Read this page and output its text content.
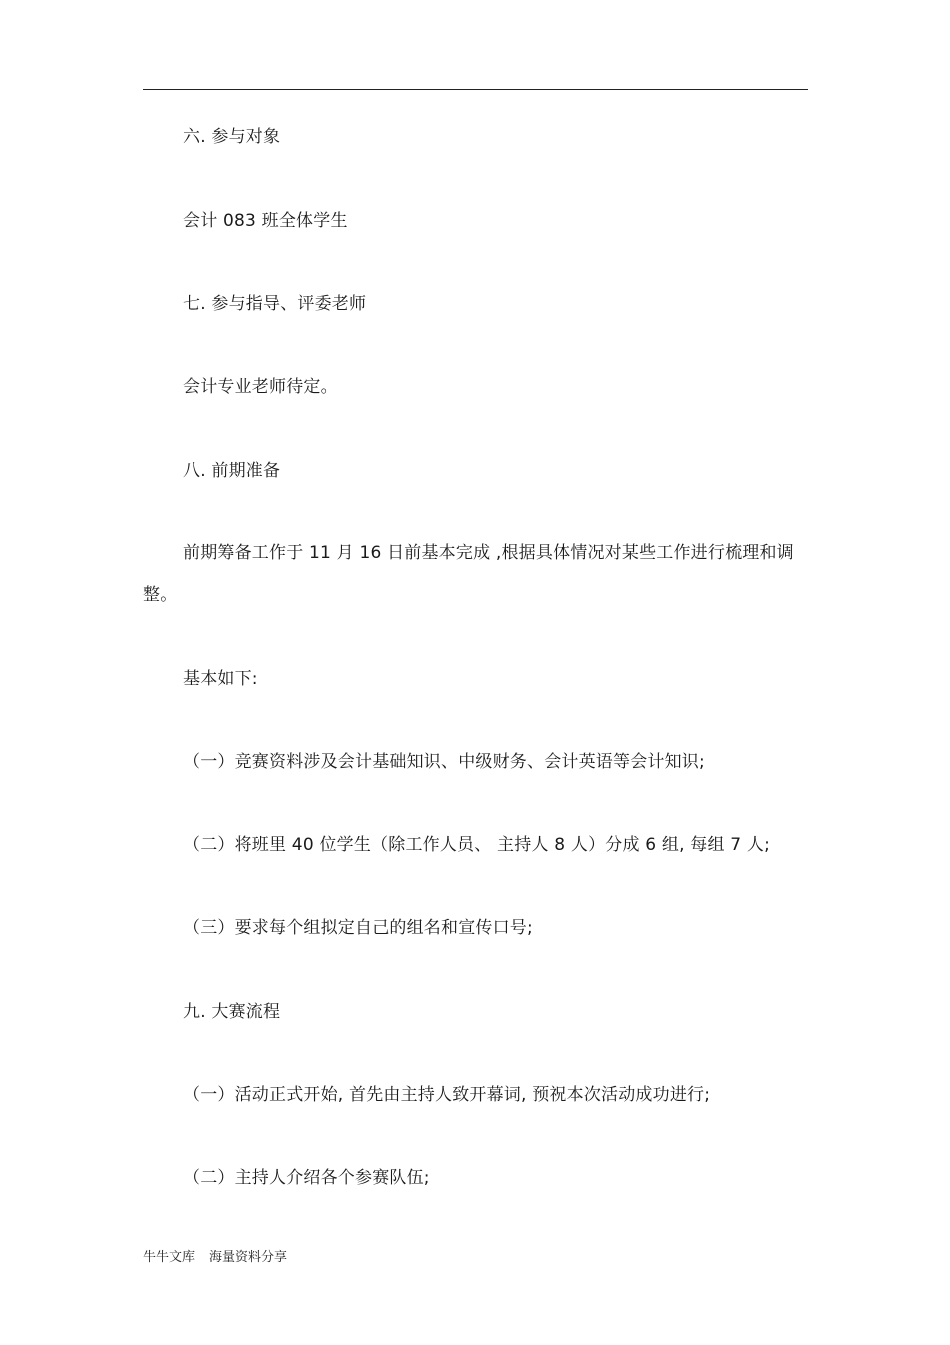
六. 参与对象
会计 083 班全体学生
七. 参与指导、评委老师
会计专业老师待定。
八. 前期准备
前期筹备工作于 11 月 16 日前基本完成 ,根据具体情况对某些工作进行梳理和调整。
基本如下:
（一）竞赛资料涉及会计基础知识、中级财务、会计英语等会计知识;
（二）将班里 40 位学生（除工作人员、 主持人 8 人）分成 6 组, 每组 7 人;
（三）要求每个组拟定自己的组名和宣传口号;
九. 大赛流程
（一）活动正式开始, 首先由主持人致开幕词, 预祝本次活动成功进行;
（二）主持人介绍各个参赛队伍;
牛牛文库 海量资料分享
